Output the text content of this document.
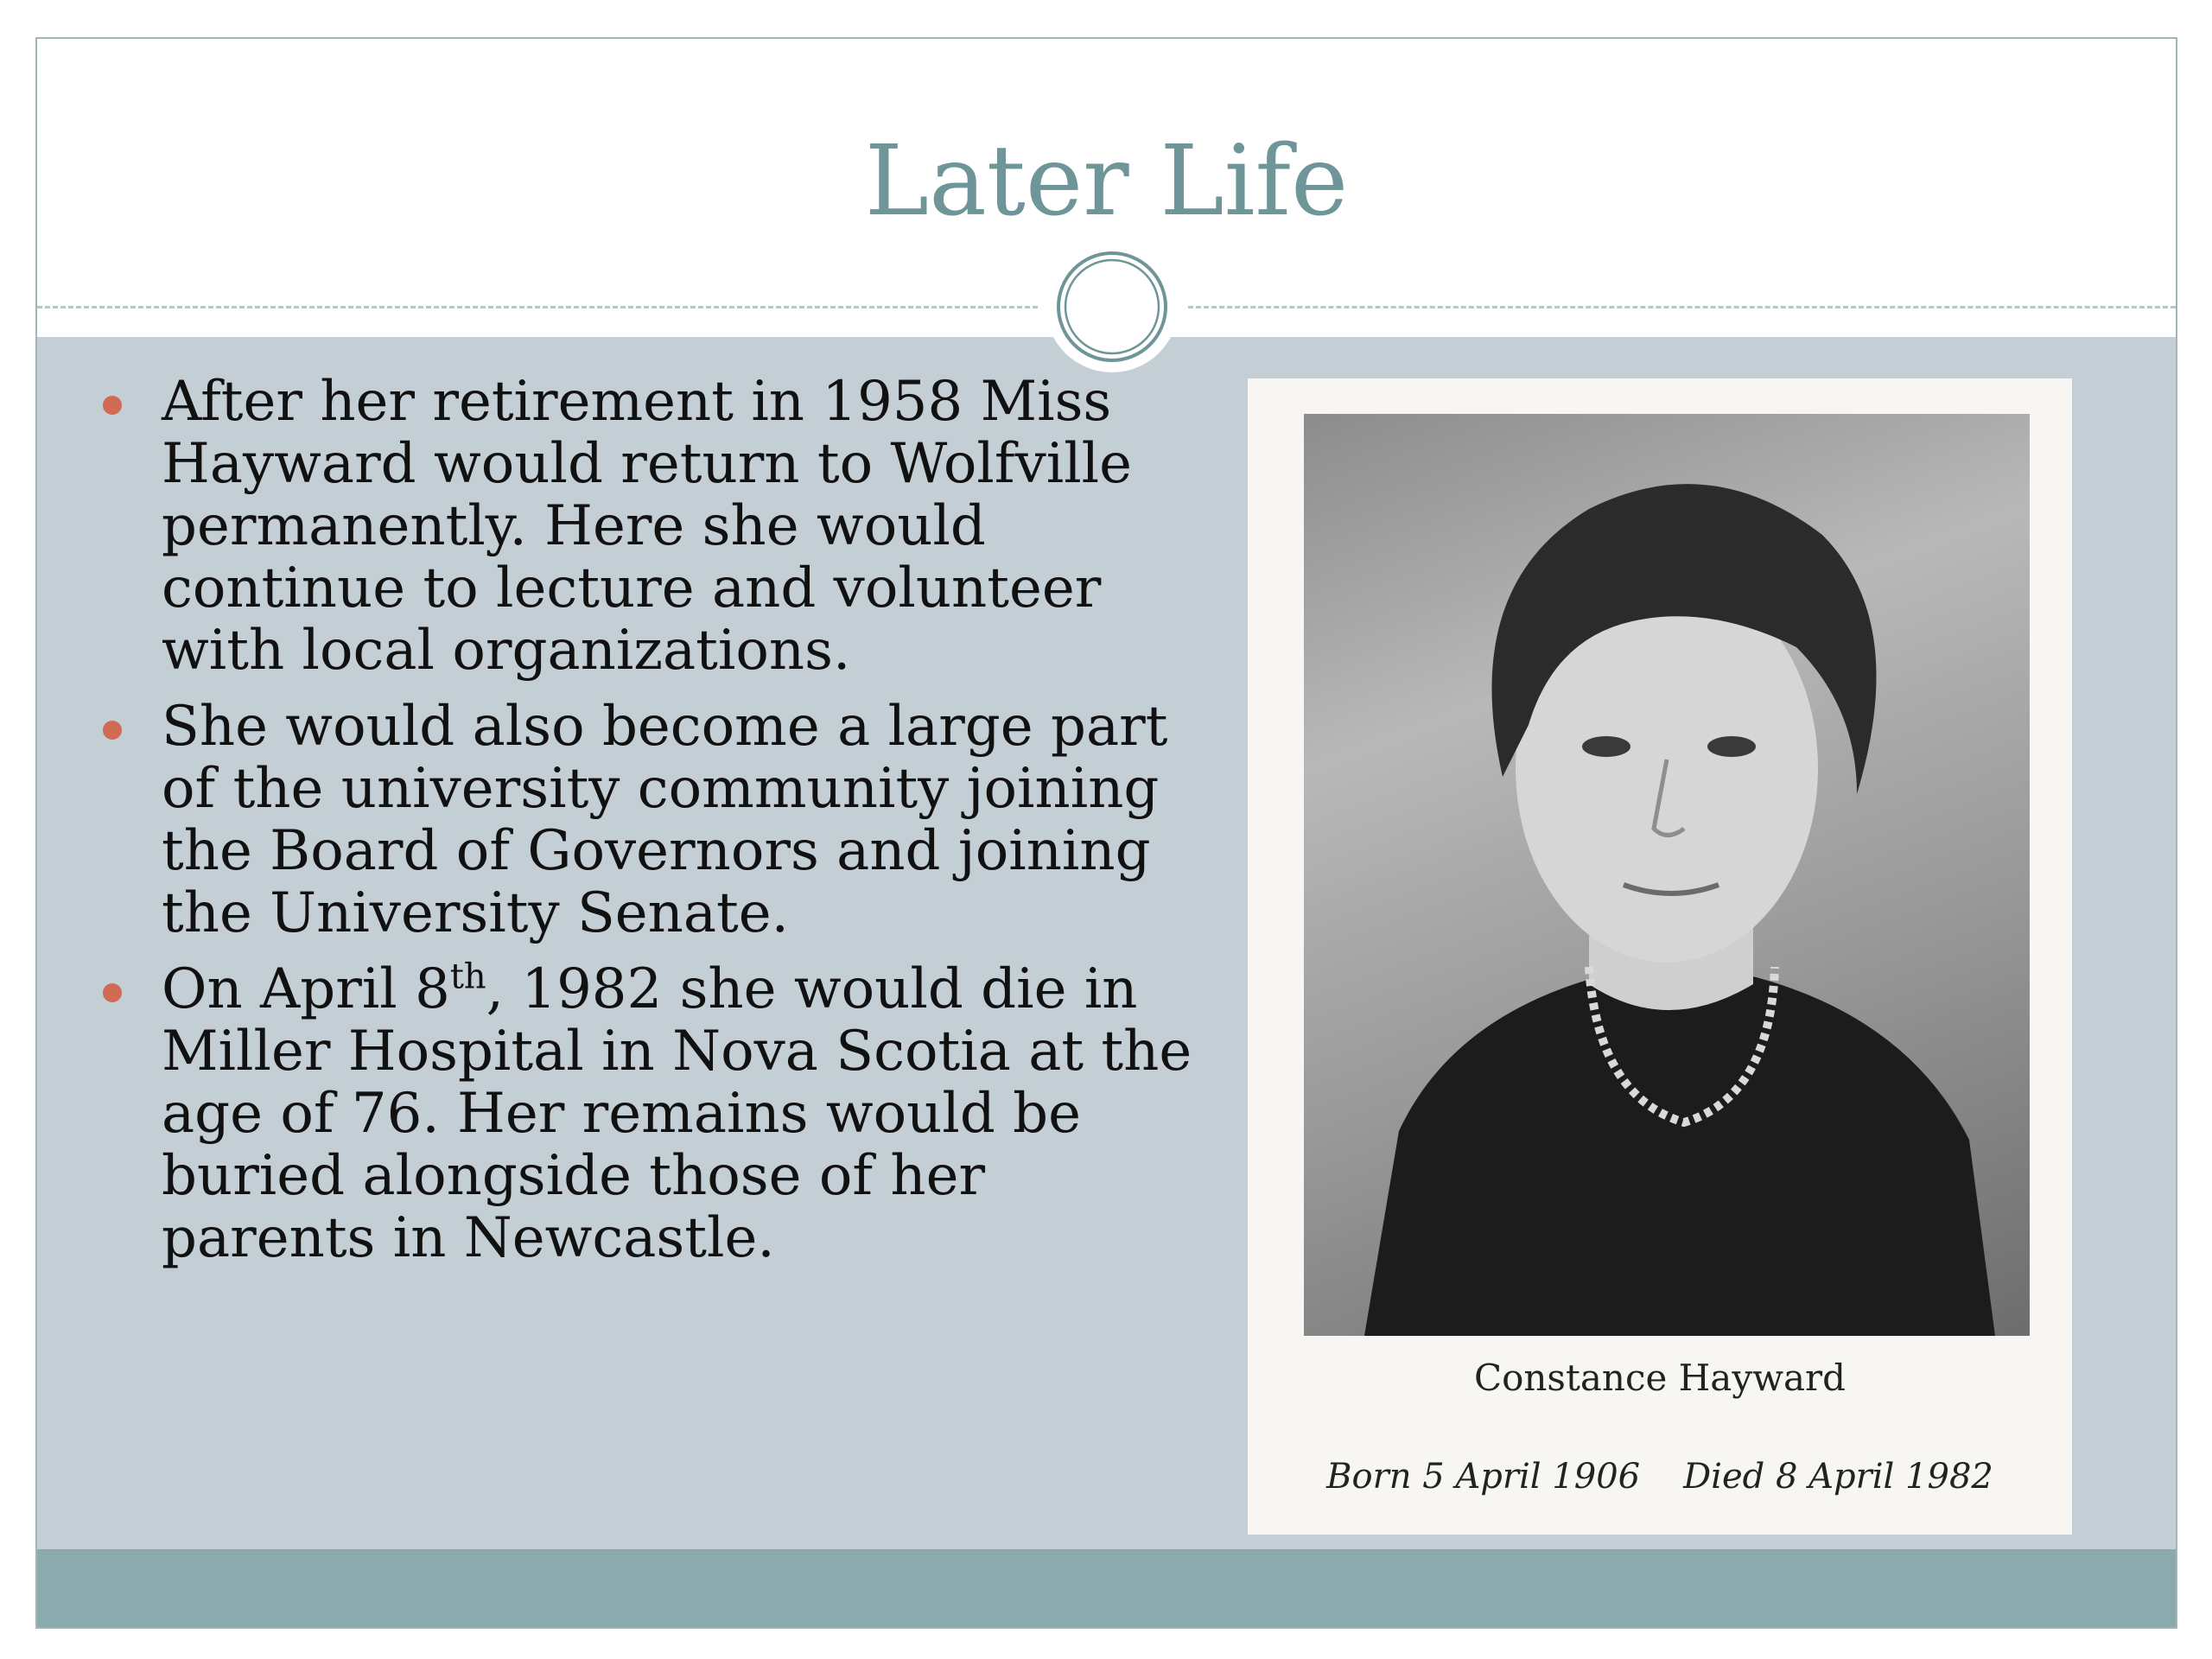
Later Life
After her retirement in 1958 Miss Hayward would return to Wolfville permanently. Here she would continue to lecture and volunteer with local organizations.
She would also become a large part of the university community joining the Board of Governors and joining the University Senate.
On April 8th, 1982 she would die in Miller Hospital in Nova Scotia at the age of 76. Her remains would be buried alongside those of her parents in Newcastle.
Constance Hayward
Born 5 April 1906 Died 8 April 1982
